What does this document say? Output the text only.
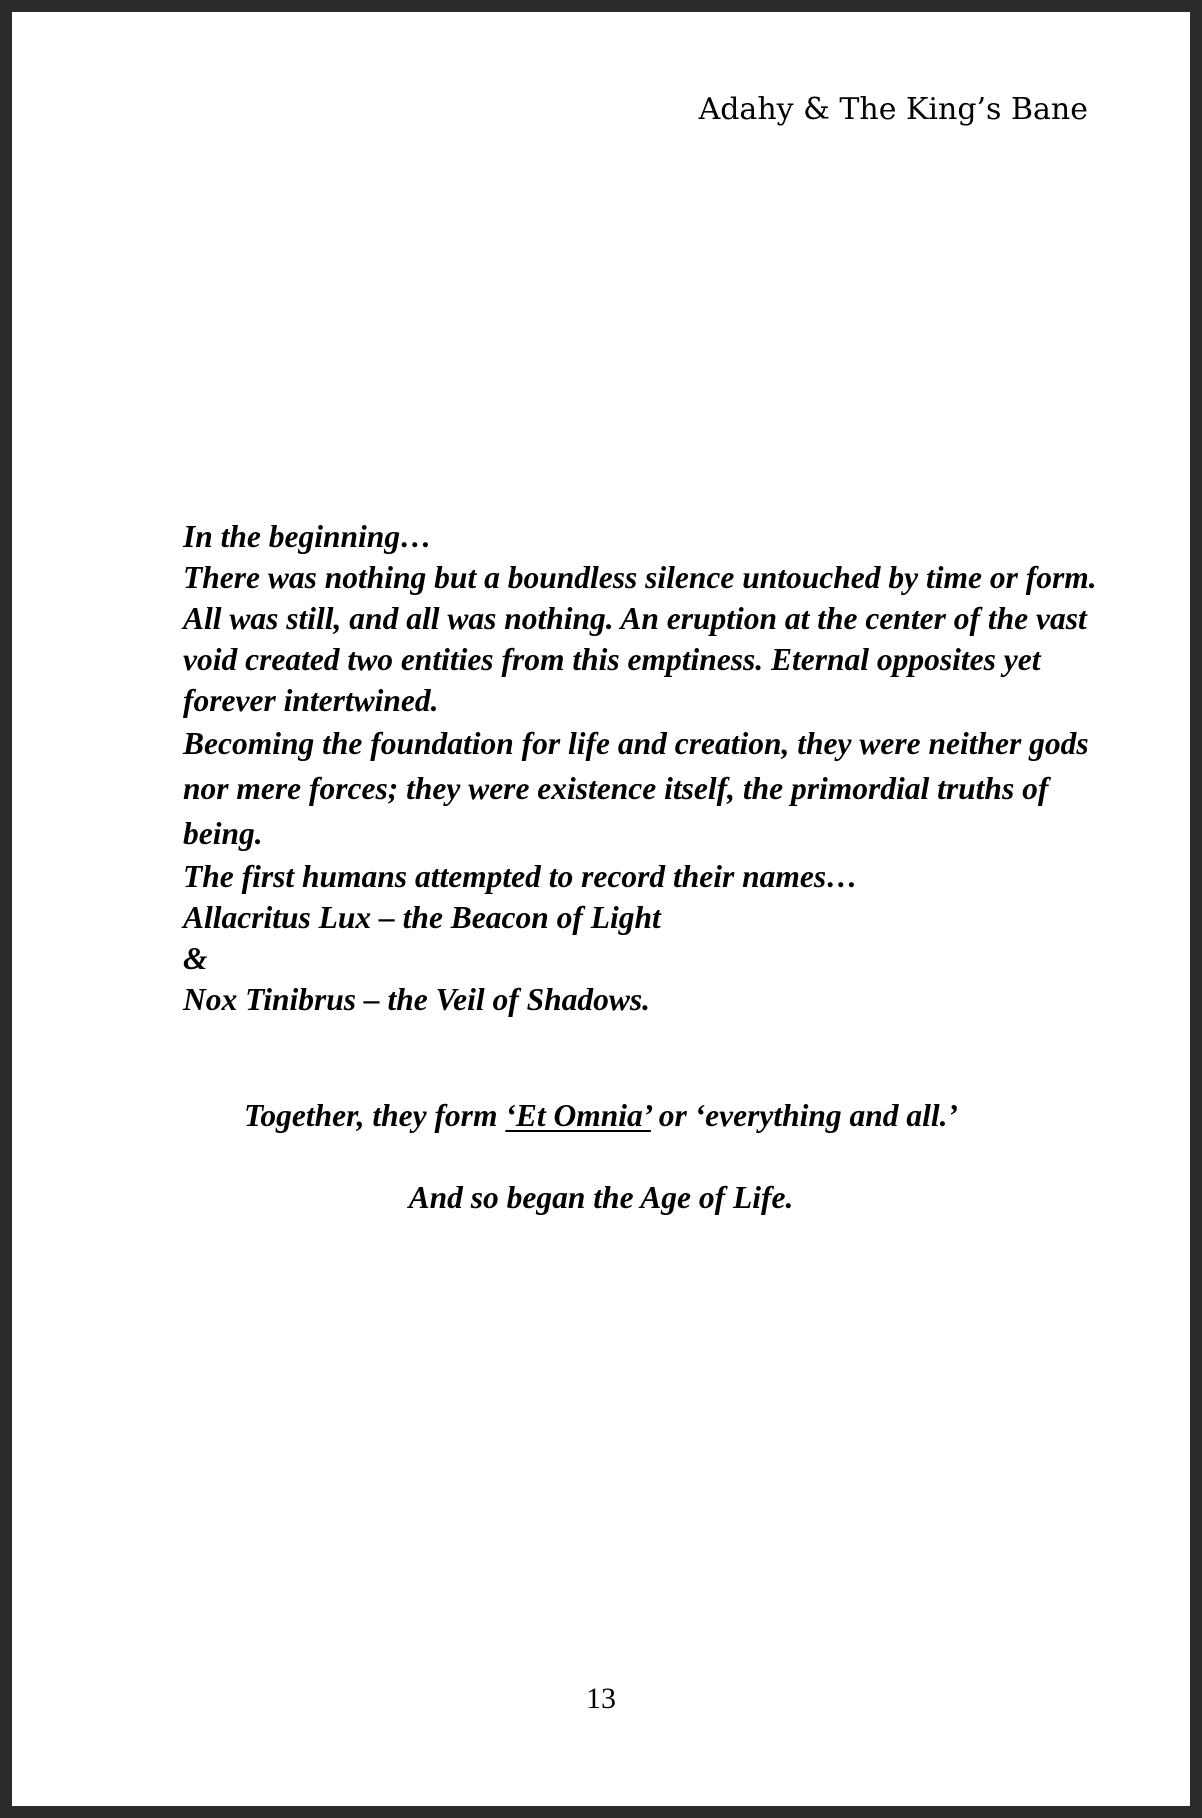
Adahy & The King’s Bane

In the beginning…

There was nothing but a boundless silence untouched by time or form.

All was still, and all was nothing. An eruption at the center of the vast void created two entities from this emptiness. Eternal opposites yet forever intertwined.

Becoming the foundation for life and creation, they were neither gods nor mere forces; they were existence itself, the primordial truths of being.

The first humans attempted to record their names…

Allacritus Lux – the Beacon of Light

&

Nox Tinibrus – the Veil of Shadows.

Together, they form ‘Et Omnia’ or ‘everything and all.’
And so began the Age of Life.
13
